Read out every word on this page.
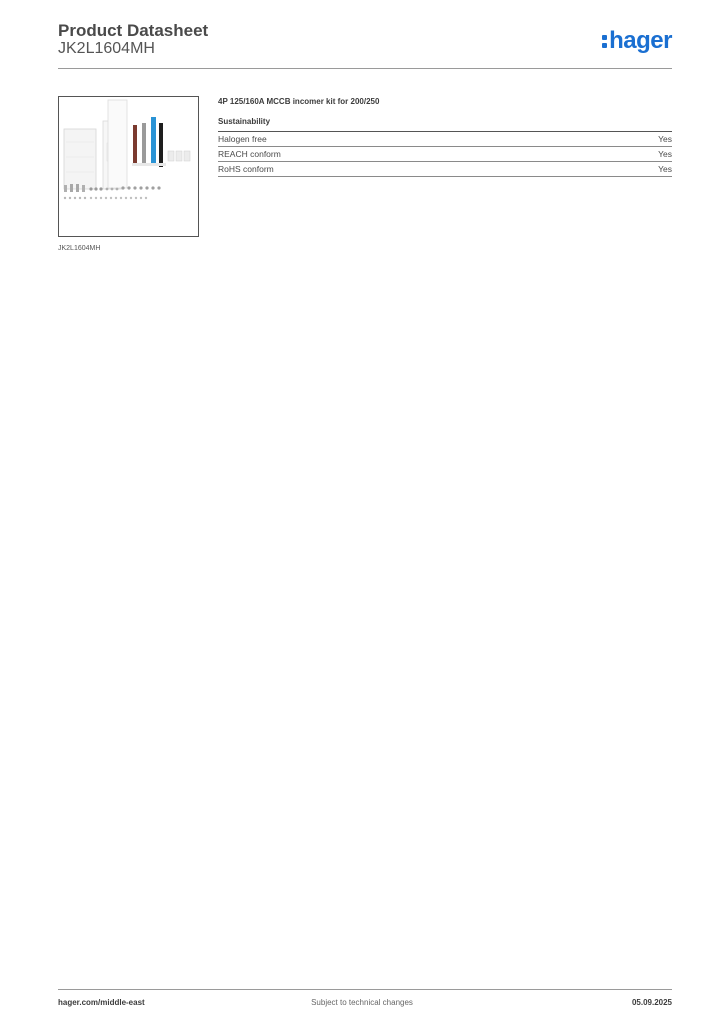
Product Datasheet
JK2L1604MH	hager
JK2L1604MH
4P 125/160A MCCB incomer kit for 200/250
Sustainability
Halogen free	Yes
REACH conform	Yes
RoHS conform	Yes
hager.com/middle-east	Subject to technical changes	05.09.2025
